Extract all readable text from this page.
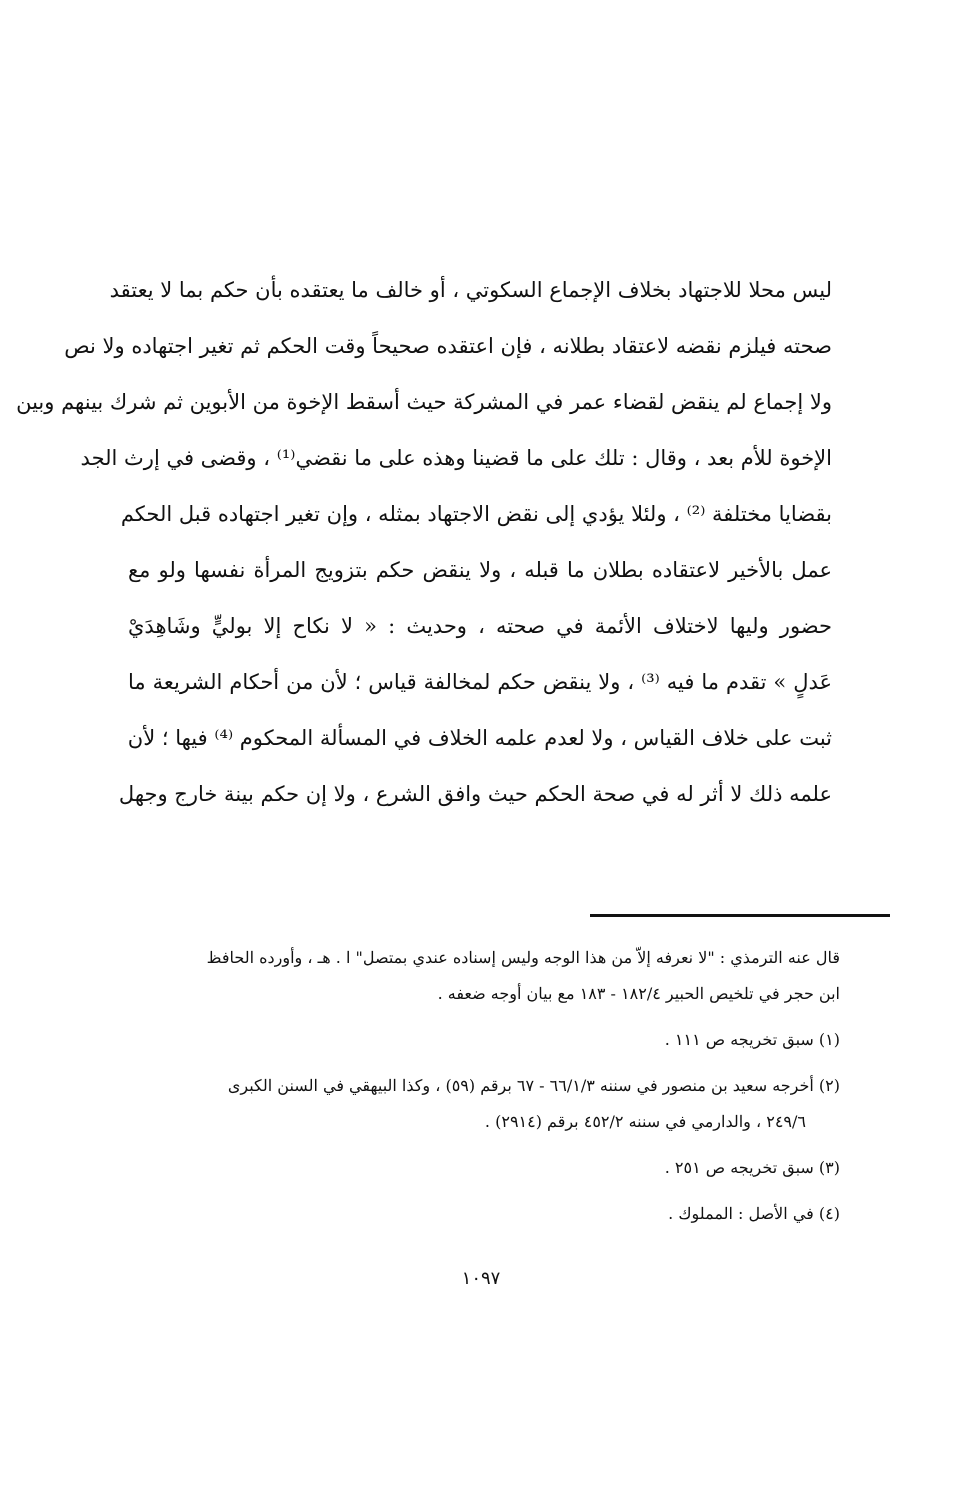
ليس محلا للاجتهاد بخلاف الإجماع السكوتي ، أو خالف ما يعتقده بأن حكم بما لا يعتقد
صحته فيلزم نقضه لاعتقاد بطلانه ، فإن اعتقده صحيحاً وقت الحكم ثم تغير اجتهاده ولا نص
ولا إجماع لم ينقض لقضاء عمر في المشركة حيث أسقط الإخوة من الأبوين ثم شرك بينهم وبين
الإخوة للأم بعد ، وقال : تلك على ما قضينا وهذه على ما نقضي⁽¹⁾ ، وقضى في إرث الجد
بقضايا مختلفة ⁽²⁾ ، ولئلا يؤدي إلى نقض الاجتهاد بمثله ، وإن تغير اجتهاده قبل الحكم
عمل بالأخير لاعتقاده بطلان ما قبله ، ولا ينقض حكم بتزويج المرأة نفسها ولو مع
حضور وليها لاختلاف الأئمة في صحته ، وحديث : « لا نكاح إلا بوليٍّ وشَاهِدَيْ
عَدلٍ » تقدم ما فيه ⁽³⁾ ، ولا ينقض حكم لمخالفة قياس ؛ لأن من أحكام الشريعة ما
ثبت على خلاف القياس ، ولا لعدم علمه الخلاف في المسألة المحكوم ⁽⁴⁾ فيها ؛ لأن
علمه ذلك لا أثر له في صحة الحكم حيث وافق الشرع ، ولا إن حكم بينة خارج وجهل
قال عنه الترمذي : "لا نعرفه إلاّ من هذا الوجه وليس إسناده عندي بمتصل" ا . هـ ، وأورده الحافظ
ابن حجر في تلخيص الحبير ١٨٢/٤ - ١٨٣ مع بيان أوجه ضعفه .
(١) سبق تخريجه ص ١١١ .
(٢) أخرجه سعيد بن منصور في سننه ٦٦/١/٣ - ٦٧ برقم (٥٩) ، وكذا البيهقي في السنن الكبرى
٢٤٩/٦ ، والدارمي في سننه ٤٥٢/٢ برقم (٢٩١٤) .
(٣) سبق تخريجه ص ٢٥١ .
(٤) في الأصل : المملوك .
١٠٩٧
